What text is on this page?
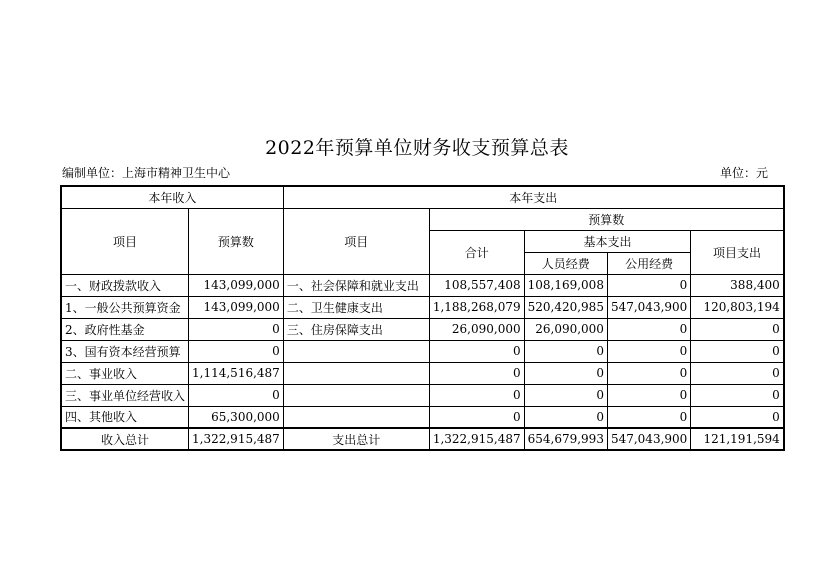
2022年预算单位财务收支预算总表
编制单位：上海市精神卫生中心	单位：元
本年收入		本年支出				
项目	预算数	项目	预算数			
			合计	基本支出		项目支出
				人员经费	公用经费	
一、财政拨款收入	143,099,000	一、社会保障和就业支出	108,557,408	108,169,008	0	388,400
1、一般公共预算资金	143,099,000	二、卫生健康支出	1,188,268,079	520,420,985	547,043,900	120,803,194
2、政府性基金	0	三、住房保障支出	26,090,000	26,090,000	0	0
3、国有资本经营预算	0		0	0	0	0
二、事业收入	1,114,516,487		0	0	0	0
三、事业单位经营收入	0		0	0	0	0
四、其他收入	65,300,000		0	0	0	0
收入总计	1,322,915,487	支出总计	1,322,915,487	654,679,993	547,043,900	121,191,594
